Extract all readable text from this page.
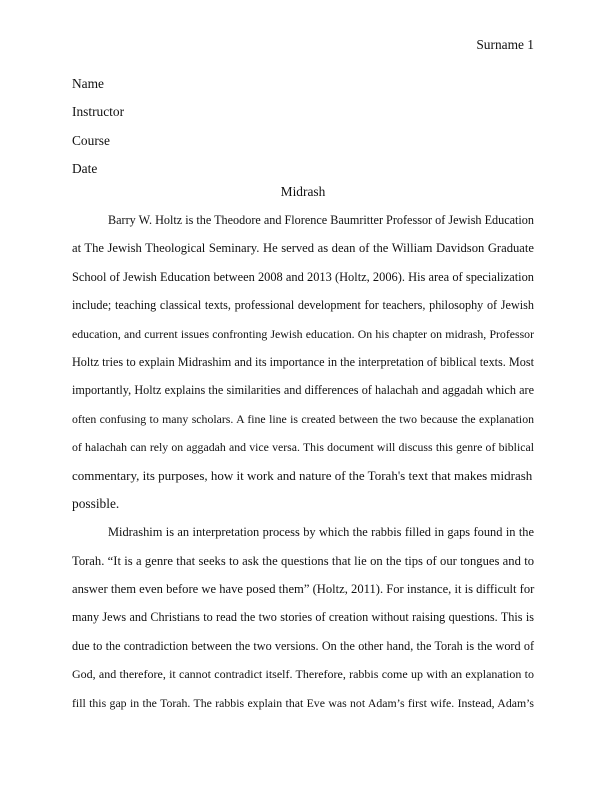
Surname 1
Name
Instructor
Course
Date
Midrash
Barry W. Holtz is the Theodore and Florence Baumritter Professor of Jewish Education
at The Jewish Theological Seminary. He served as dean of the William Davidson Graduate
School of Jewish Education between 2008 and 2013 (Holtz, 2006). His area of specialization
include; teaching classical texts, professional development for teachers, philosophy of Jewish
education, and current issues confronting Jewish education. On his chapter on midrash, Professor
Holtz tries to explain Midrashim and its importance in the interpretation of biblical texts. Most
importantly, Holtz explains the similarities and differences of halachah and aggadah which are
often confusing to many scholars. A fine line is created between the two because the explanation
of halachah can rely on aggadah and vice versa. This document will discuss this genre of biblical
commentary, its purposes, how it work and nature of the Torah's text that makes midrash
possible.
Midrashim is an interpretation process by which the rabbis filled in gaps found in the
Torah. “It is a genre that seeks to ask the questions that lie on the tips of our tongues and to
answer them even before we have posed them” (Holtz, 2011). For instance, it is difficult for
many Jews and Christians to read the two stories of creation without raising questions. This is
due to the contradiction between the two versions. On the other hand, the Torah is the word of
God, and therefore, it cannot contradict itself. Therefore, rabbis come up with an explanation to
fill this gap in the Torah. The rabbis explain that Eve was not Adam’s first wife. Instead, Adam’s
